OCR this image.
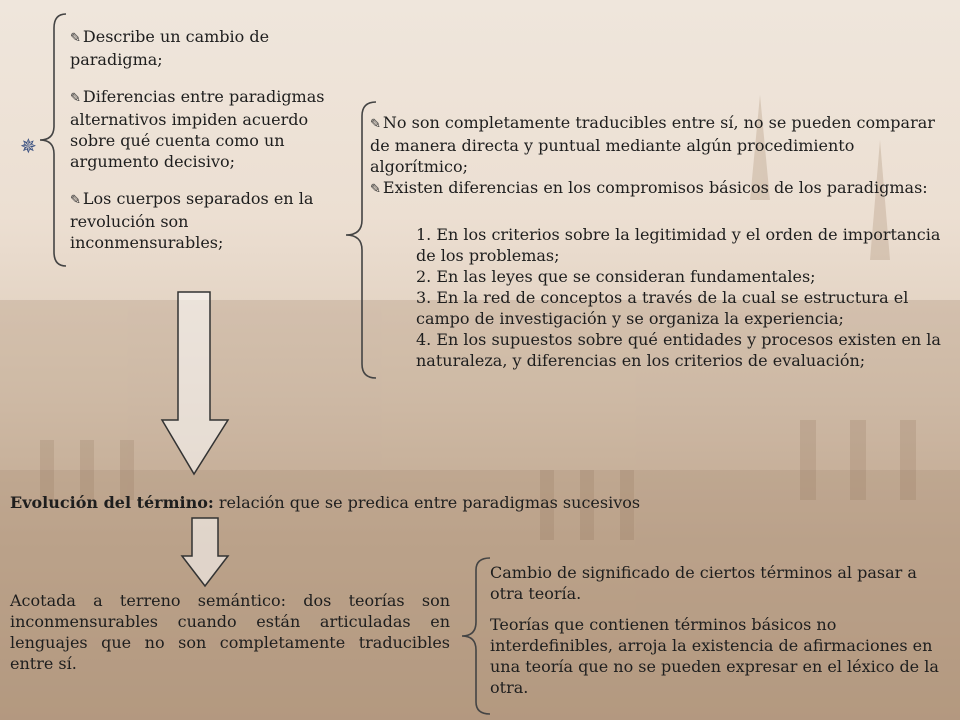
✵
✎ Describe un cambio de paradigma;
✎ Diferencias entre paradigmas alternativos impiden acuerdo sobre qué cuenta como un argumento decisivo;
✎ Los cuerpos separados en la revolución son inconmensurables;
✎ No son completamente traducibles entre sí, no se pueden comparar de manera directa y puntual mediante algún procedimiento algorítmico;
✎ Existen diferencias en los compromisos básicos de los paradigmas:
1. En los criterios sobre la legitimidad y el orden de importancia de los problemas;
2. En las leyes que se consideran fundamentales;
3. En la red de conceptos a través de la cual se estructura el campo de investigación y se organiza la experiencia;
4. En los supuestos sobre qué entidades y procesos existen en la naturaleza, y diferencias en los criterios de evaluación;
Evolución del término: relación que se predica entre paradigmas sucesivos
Acotada a terreno semántico: dos teorías son inconmensurables cuando están articuladas en lenguajes que no son completamente traducibles entre sí.
Cambio de significado de ciertos términos al pasar a otra teoría.
Teorías que contienen términos básicos no interdefinibles, arroja la existencia de afirmaciones en una teoría que no se pueden expresar en el léxico de la otra.
